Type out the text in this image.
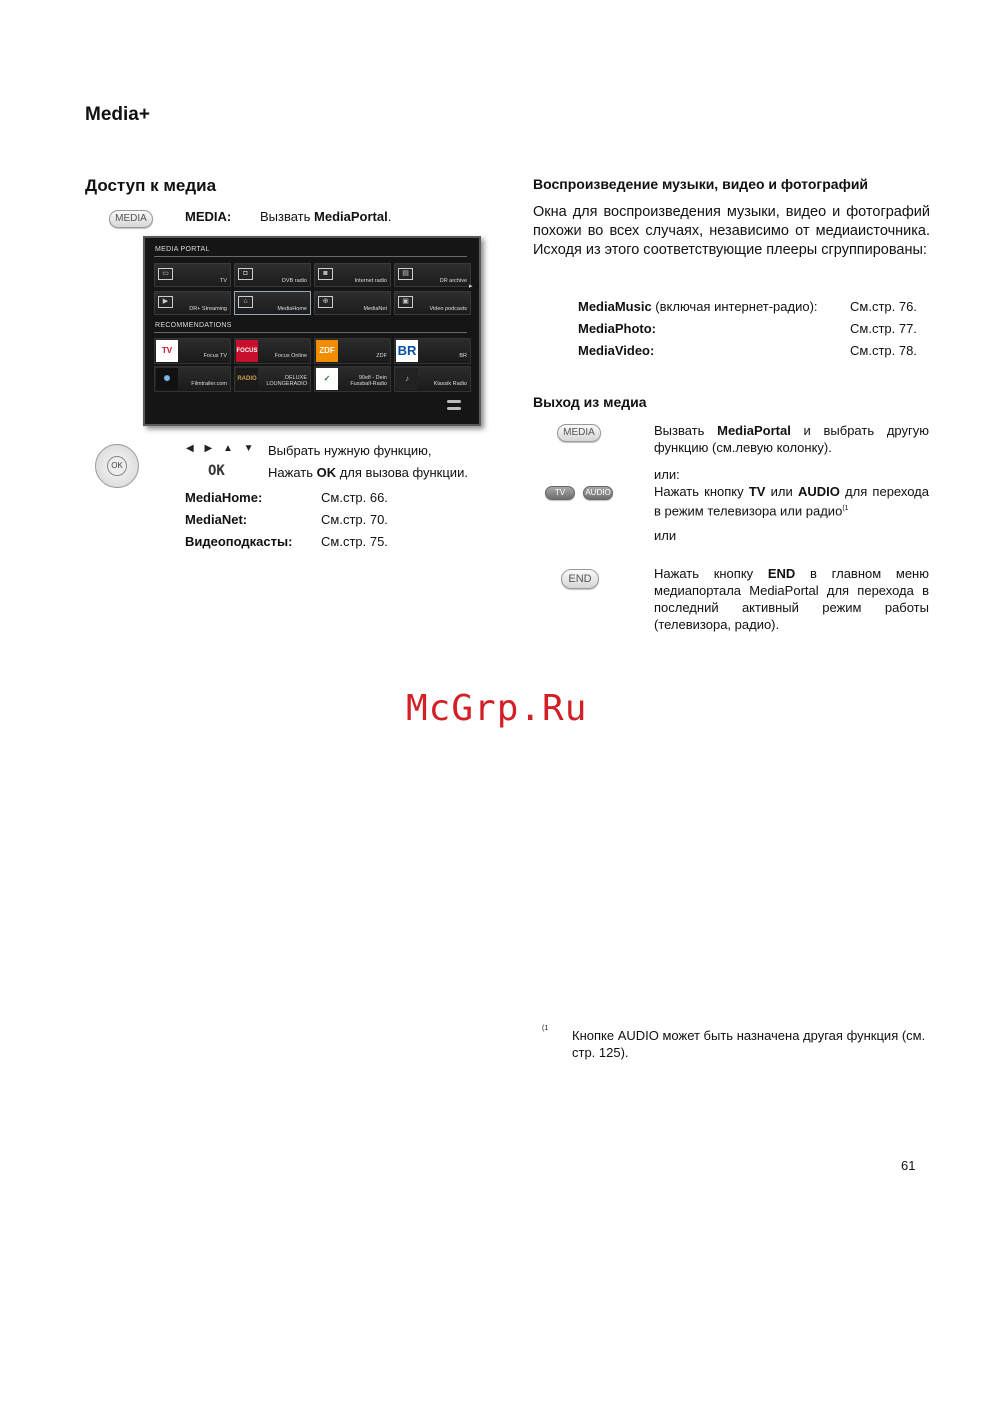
Media+
Доступ к медиа
MEDIA	MEDIA: Вызвать MediaPortal.
MEDIA PORTAL
▭
TV
◘
DVB radio
◙
Internet radio
▤
DR archive
▶
DR+ Streaming
⌂
MediaHome
⊕
MediaNet
▣
Video podcasts
▸
RECOMMENDATIONS
TV
Focus TV
FOCUS
Focus Online
ZDF
ZDF BR	BR
✺
Filmtrailer.com
RADIO	DELUXE
LOUNGERADIO
✓	90elf - Dein
Fussball-Radio
♪
Klassik Radio
OK
◀ ▶ ▲ ▼ Выбрать нужную функцию,
OK	Нажать OK для вызова функции.
MediaHome:	См.стр. 66.
MediaNet:	См.стр. 70.
Видеоподкасты: См.стр. 75.
Воспроизведение музыки, видео и фотографий
Окна для воспроизведения музыки, видео и фотографий похожи во всех случаях, независимо от медиаисточника. Исходя из этого соответствующие плееры сгруппированы:
MediaMusic (включая интернет-радио): См.стр. 76.
MediaPhoto:	См.стр. 77.
MediaVideo:	См.стр. 78.
Выход из медиа
MEDIA	Вызвать MediaPortal и выбрать другую функцию (см.левую колонку).
или:
TV	AUDIO	Нажать кнопку TV или AUDIO для перехода в режим телевизора или радио$^{(1}$
или
END	Нажать кнопку END в главном меню медиапортала MediaPortal для перехода в последний активный режим работы (телевизора, радио).
McGrp.Ru
(1 Кнопке AUDIO может быть назначена другая функция (см. стр. 125).
61
